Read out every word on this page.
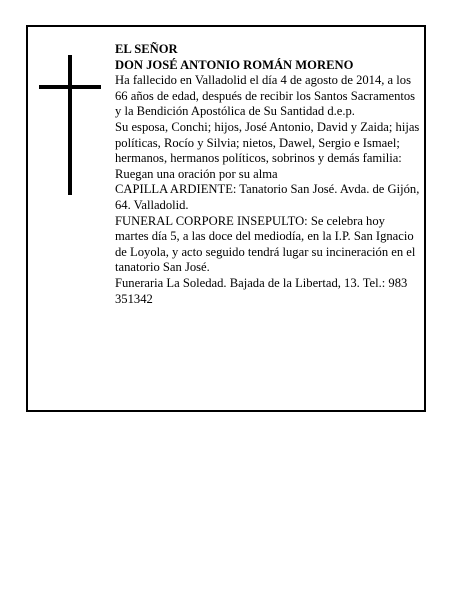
EL SEÑOR

DON JOSÉ ANTONIO ROMÁN MORENO

Ha fallecido en Valladolid el día 4 de agosto de 2014, a los 66 años de edad, después de recibir los Santos Sacramentos y la Bendición Apostólica de Su Santidad d.e.p.

Su esposa, Conchi; hijos, José Antonio, David y Zaida; hijas políticas, Rocío y Silvia; nietos, Dawel, Sergio e Ismael; hermanos, hermanos políticos, sobrinos y demás familia:

Ruegan una oración por su alma

CAPILLA ARDIENTE: Tanatorio San José. Avda. de Gijón, 64. Valladolid.

FUNERAL CORPORE INSEPULTO: Se celebra hoy martes día 5, a las doce del mediodía, en la I.P. San Ignacio de Loyola, y acto seguido tendrá lugar su incineración en el tanatorio San José.

Funeraria La Soledad. Bajada de la Libertad, 13. Tel.: 983 351342
